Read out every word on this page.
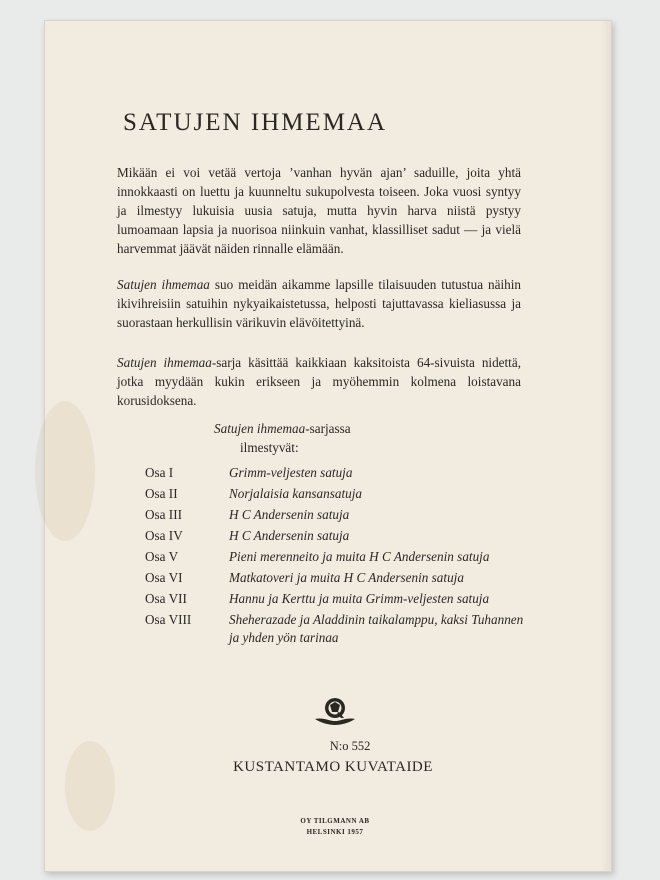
SATUJEN IHMEMAA

Mikään ei voi vetää vertoja ’vanhan hyvän ajan’ saduille, joita yhtä innokkaasti on luettu ja kuunneltu sukupolvesta toiseen. Joka vuosi syntyy ja ilmestyy lukuisia uusia satuja, mutta hyvin harva niistä pystyy lumoamaan lapsia ja nuorisoa niinkuin vanhat, klassilliset sadut — ja vielä harvemmat jäävät näiden rinnalle elämään.

Satujen ihmemaa suo meidän aikamme lapsille tilaisuuden tutustua näihin ikivihreisiin satuihin nykyaikaistetussa, helposti tajuttavassa kieliasussa ja suorastaan herkullisin värikuvin elävöitettyinä.

Satujen ihmemaa-sarja käsittää kaikkiaan kaksitoista 64-sivuista nidettä, jotka myydään kukin erikseen ja myöhemmin kolmena loistavana korusidoksena.

Satujen ihmemaa-sarjassa
ilmestyvät:
Osa I	Grimm-veljesten satuja
Osa II	Norjalaisia kansansatuja
Osa III	H C Andersenin satuja
Osa IV	H C Andersenin satuja
Osa V	Pieni merenneito ja muita H C Andersenin satuja
Osa VI	Matkatoveri ja muita H C Andersenin satuja
Osa VII	Hannu ja Kerttu ja muita Grimm-veljesten satuja
Osa VIII	Sheherazade ja Aladdinin taikalamppu, kaksi Tuhannen ja yhden yön tarinaa
N:o 552
KUSTANTAMO KUVATAIDE
OY TILGMANN AB
HELSINKI 1957
